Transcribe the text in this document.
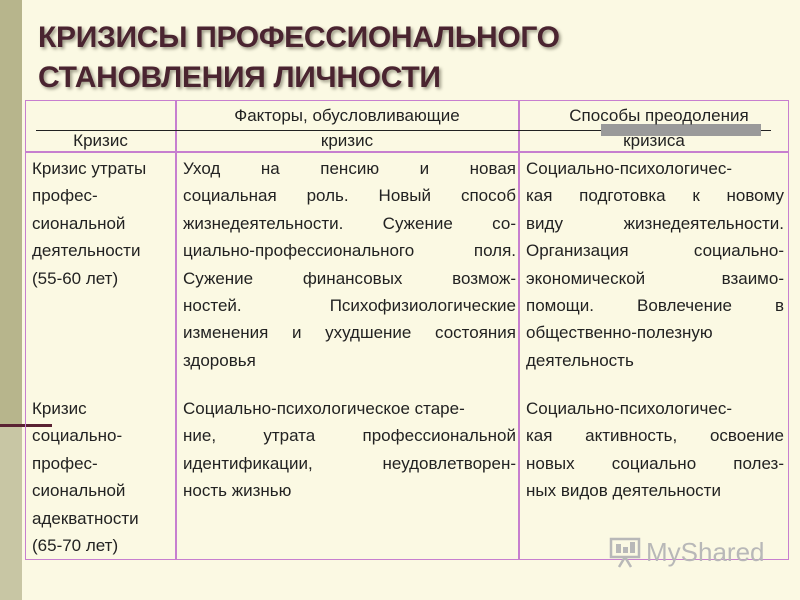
КРИЗИСЫ ПРОФЕССИОНАЛЬНОГО
СТАНОВЛЕНИЯ ЛИЧНОСТИ
Кризис
Факторы, обусловливающие
кризис
Способы преодоления
кризиса

Кризис утраты

профес-

сиональной

деятельности

(55-60 лет)

Уход на пенсию и новая

социальная роль. Новый способ

жизнедеятельности. Сужение со-

циально-профессионального поля.

Сужение финансовых возмож-

ностей. Психофизиологические

изменения и ухудшение состояния

здоровья

Социально-психологичес-

кая подготовка к новому

виду жизнедеятельности.

Организация социально-

экономической взаимо-

помощи. Вовлечение в

общественно-полезную

деятельность

Кризис

социально-

профес-

сиональной

адекватности

(65-70 лет)

Социально-психологическое старе-

ние, утрата профессиональной

идентификации, неудовлетворен-

ность жизнью

Социально-психологичес-

кая активность, освоение

новых социально полез-

ных видов деятельности

MyShared
